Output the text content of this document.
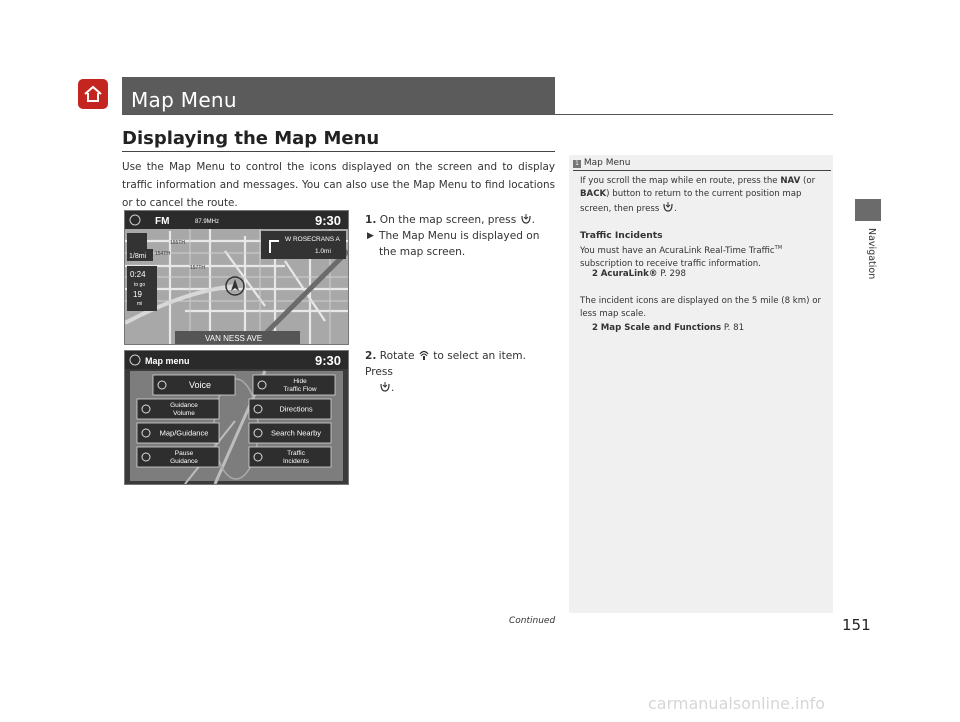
Map Menu
Displaying the Map Menu
Use the Map Menu to control the icons displayed on the screen and to display traffic information and messages. You can also use the Map Menu to find locations or to cancel the route.
FM	87.9MHz	9:30
W ROSECRANS A
1.0mi
1/8mi
0:24
to go
19
mi
VAN NESS AVE
155TH
154TH
157TH
Map menu	9:30
Voice	Hide
Traffic Flow
Guidance
Volume	Directions
Map/Guidance	Search Nearby
Pause
Guidance
Traffic
Incidents
1. On the map screen, press .
▶ The Map Menu is displayed on the map screen.
2. Rotate to select an item. Press
.
1 Map Menu
If you scroll the map while en route, press the NAV (or BACK) button to return to the current position map screen, then press .
Traffic Incidents
You must have an AcuraLink Real-Time Traffic™ subscription to receive traffic information.
2 AcuraLink® P. 298
The incident icons are displayed on the 5 mile (8 km) or less map scale.
2 Map Scale and Functions P. 81
Navigation
Continued	151
carmanualsonline.info
